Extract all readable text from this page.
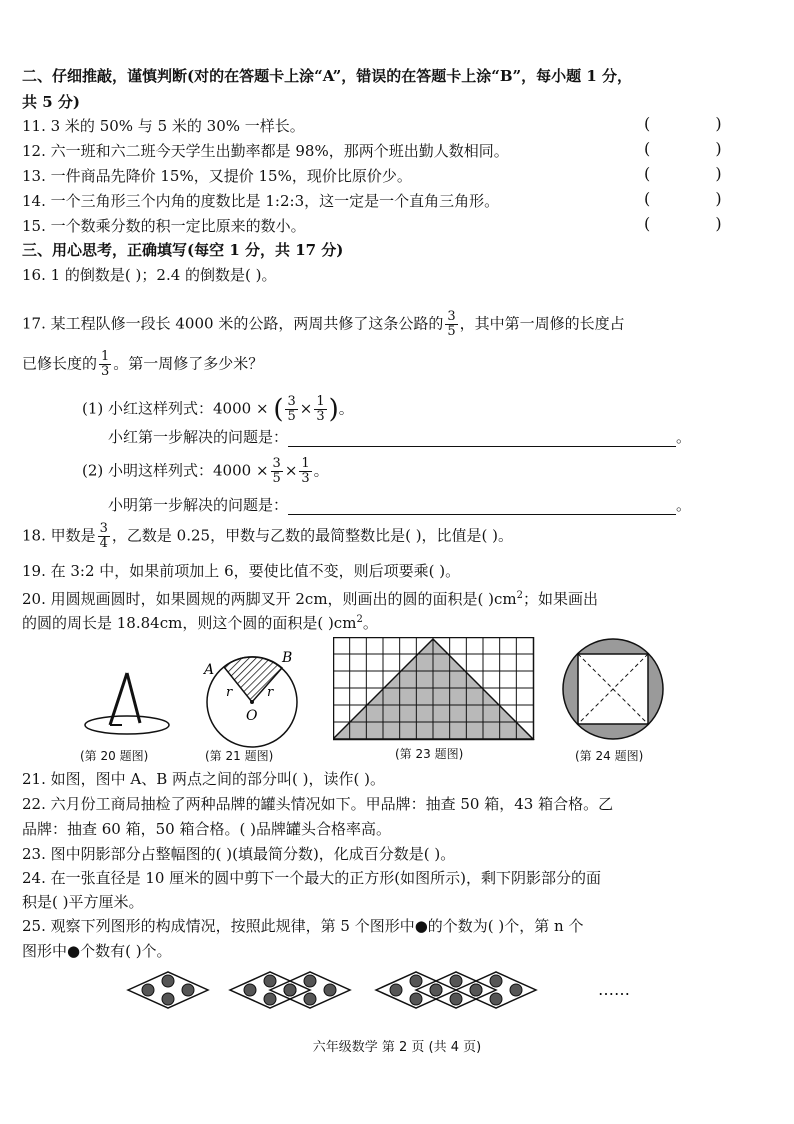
二、仔细推敲，谨慎判断(对的在答题卡上涂“A”，错误的在答题卡上涂“B”，每小题 1 分，
共 5 分)
11. 3 米的 50% 与 5 米的 30% 一样长。	( )
12. 六一班和六二班今天学生出勤率都是 98%，那两个班出勤人数相同。	( )
13. 一件商品先降价 15%，又提价 15%，现价比原价少。	( )
14. 一个三角形三个内角的度数比是 1:2:3，这一定是一个直角三角形。	( )
15. 一个数乘分数的积一定比原来的数小。	( )
三、用心思考，正确填写(每空 1 分，共 17 分)
16. 1 的倒数是( )；2.4 的倒数是( )。
17. 某工程队修一段长 4000 米的公路，两周共修了这条公路的 $\frac{3}{5}$ ，其中第一周修的长度占
已修长度的 $\frac{1}{3}$ 。第一周修了多少米？
(1) 小红这样列式：4000 × ( $\frac{3}{5} \times \frac{1}{3}$ )。
小红第一步解决的问题是：	。
(2) 小明这样列式：$4000 \times \frac{3}{5} \times \frac{1}{3}$ 。
小明第一步解决的问题是：	。
18. 甲数是 $\frac{3}{4}$ ，乙数是 0.25，甲数与乙数的最简整数比是( )，比值是( )。
19. 在 3:2 中，如果前项加上 6，要使比值不变，则后项要乘( )。
20. 用圆规画圆时，如果圆规的两脚叉开 2cm，则画出的圆的面积是( )$cm^2$；如果画出
的圆的周长是 18.84cm，则这个圆的面积是( )$cm^2$。
A
B
O
r	r
(第 20 题图)	(第 21 题图)	(第 23 题图)	(第 24 题图)
21. 如图，图中 A、B 两点之间的部分叫( )，读作( )。
22. 六月份工商局抽检了两种品牌的罐头情况如下。甲品牌：抽查 50 箱，43 箱合格。乙
品牌：抽查 60 箱，50 箱合格。( )品牌罐头合格率高。
23. 图中阴影部分占整幅图的( )(填最简分数)，化成百分数是( )。
24. 在一张直径是 10 厘米的圆中剪下一个最大的正方形(如图所示)，剩下阴影部分的面
积是( )平方厘米。
25. 观察下列图形的构成情况，按照此规律，第 5 个图形中●的个数为( )个，第 n 个
图形中●个数有( )个。
……
六年级数学 第 2 页 (共 4 页)
